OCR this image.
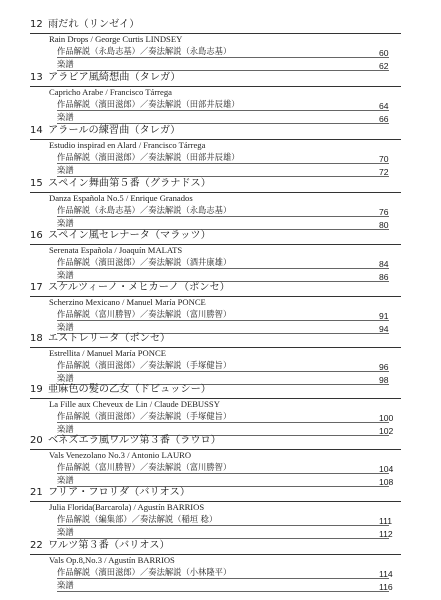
12 雨だれ（リンゼイ）
Rain Drops / George Curtis LINDSEY
作品解説（永島志基）／奏法解説（永島志基）	60
楽譜	62
13 アラビア風綺想曲（タレガ）
Capricho Arabe / Francisco Tárrega
作品解説（濱田滋郎）／奏法解説（田部井辰雄）	64
楽譜	66
14 アラールの練習曲（タレガ）
Estudio inspirad en Alard / Francisco Tárrega
作品解説（濱田滋郎）／奏法解説（田部井辰雄）	70
楽譜	72
15 スペイン舞曲第５番（グラナドス）
Danza Española No.5 / Enrique Granados
作品解説（永島志基）／奏法解説（永島志基）	76
楽譜	80
16 スペイン風セレナータ（マラッツ）
Serenata Española / Joaquín MALATS
作品解説（濱田滋郎）／奏法解説（酒井康雄）	84
楽譜	86
17 スケルツィーノ・メヒカーノ（ポンセ）
Scherzino Mexicano / Manuel María PONCE
作品解説（富川勝智）／奏法解説（富川勝智）	91
楽譜	94
18 エストレリータ（ポンセ）
Estrellita / Manuel María PONCE
作品解説（濱田滋郎）／奏法解説（手塚健旨）	96
楽譜	98
19 亜麻色の髪の乙女（ドビュッシー）
La Fille aux Cheveux de Lin / Claude DEBUSSY
作品解説（濱田滋郎）／奏法解説（手塚健旨）	100
楽譜	102
20 ベネズエラ風ワルツ第３番（ラウロ）
Vals Venezolano No.3 / Antonio LAURO
作品解説（富川勝智）／奏法解説（富川勝智）	104
楽譜	108
21 フリア・フロリダ（バリオス）
Julia Florida(Barcarola) / Agustín BARRIOS
作品解説（編集部）／奏法解説（稲垣 稔）	111
楽譜	112
22 ワルツ第３番（バリオス）
Vals Op.8,No.3 / Agustín BARRIOS
作品解説（濱田滋郎）／奏法解説（小林隆平）	114
楽譜	116
